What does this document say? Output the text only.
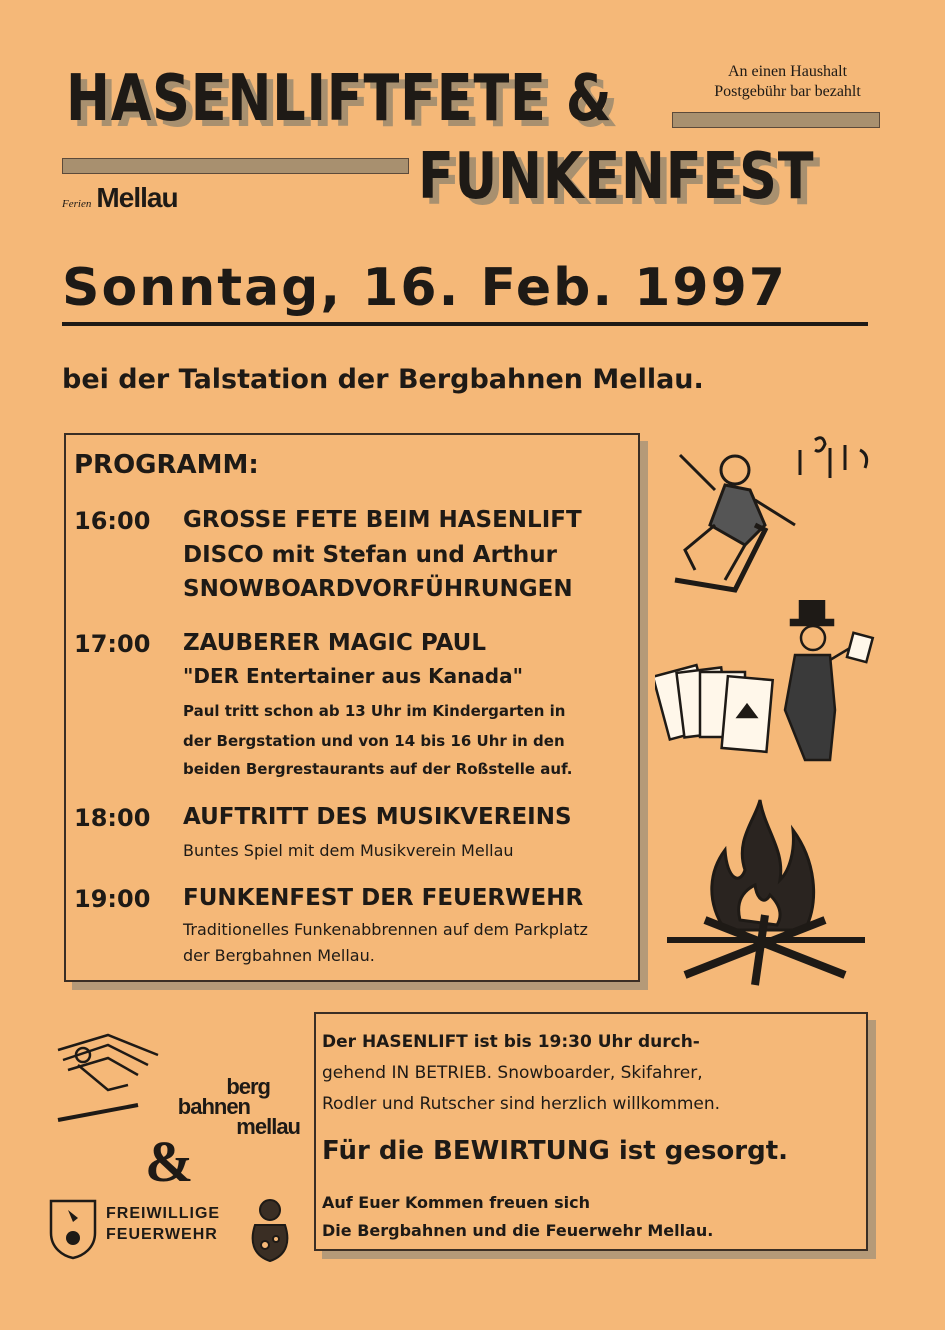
HASENLIFTFETE &	An einen Haushalt
Postgebühr bar bezahlt
FUNKENFEST
Ferien Mellau
Sonntag, 16. Feb. 1997
bei der Talstation der Bergbahnen Mellau.
PROGRAMM:
16:00 GROSSE FETE BEIM HASENLIFT
DISCO mit Stefan und Arthur
SNOWBOARDVORFÜHRUNGEN
17:00 ZAUBERER MAGIC PAUL
"DER Entertainer aus Kanada"
Paul tritt schon ab 13 Uhr im Kindergarten in
der Bergstation und von 14 bis 16 Uhr in den
beiden Bergrestaurants auf der Roßstelle auf.
18:00 AUFTRITT DES MUSIKVEREINS
Buntes Spiel mit dem Musikverein Mellau
19:00 FUNKENFEST DER FEUERWEHR
Traditionelles Funkenabbrennen auf dem Parkplatz
der Bergbahnen Mellau.
berg
bahnen
mellau
&
FREIWILLIGE
FEUERWEHR
Der HASENLIFT ist bis 19:30 Uhr durch-
gehend IN BETRIEB. Snowboarder, Skifahrer,
Rodler und Rutscher sind herzlich willkommen.
Für die BEWIRTUNG ist gesorgt.
Auf Euer Kommen freuen sich
Die Bergbahnen und die Feuerwehr Mellau.
